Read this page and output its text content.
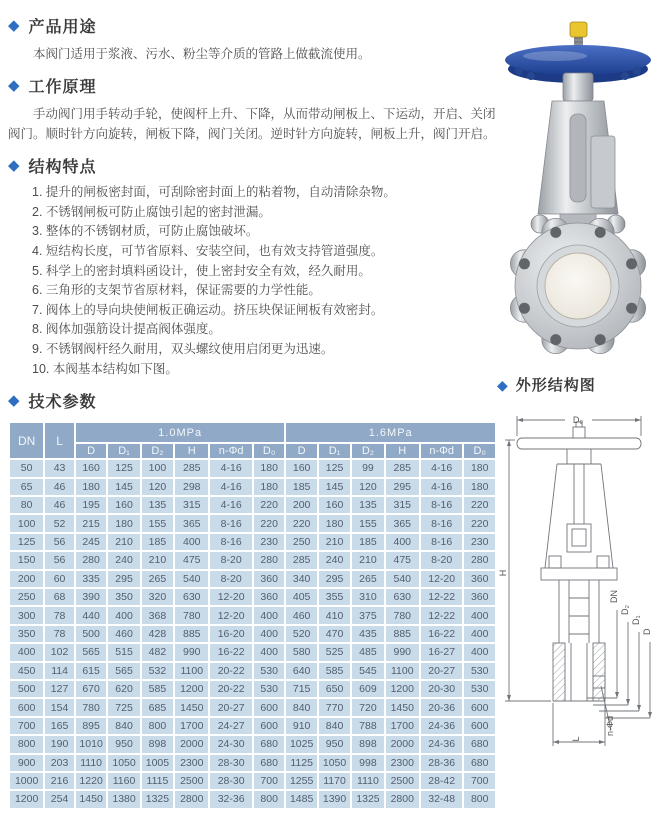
◆ 产品用途

本阀门适用于浆液、污水、粉尘等介质的管路上做截流使用。

◆ 工作原理

手动阀门用手转动手轮，使阀杆上升、下降，从而带动闸板上、下运动，开启、关闭阀门。顺时针方向旋转，闸板下降，阀门关闭。逆时针方向旋转，闸板上升，阀门开启。

◆ 结构特点
1. 提升的闸板密封面，可刮除密封面上的粘着物，自动清除杂物。
2. 不锈钢闸板可防止腐蚀引起的密封泄漏。
3. 整体的不锈钢材质，可防止腐蚀破坏。
4. 短结构长度，可节省原料、安装空间，也有效支持管道强度。
5. 科学上的密封填料函设计，使上密封安全有效，经久耐用。
6. 三角形的支架节省原材料，保证需要的力学性能。
7. 阀体上的导向块使闸板正确运动。挤压块保证闸板有效密封。
8. 阀体加强筋设计提高阀体强度。
9. 不锈钢阀杆经久耐用，双头螺纹使用启闭更为迅速。
10. 本阀基本结构如下图。
◆ 技术参数
DN	L	1.0MPa						1.6MPa					
		D	D₁	D₂	H	n-Φd	D₀	D	D₁	D₂	H	n-Φd	D₀
50	43	160	125	100	285	4-16	180	160	125	99	285	4-16	180
65	46	180	145	120	298	4-16	180	185	145	120	295	4-16	180
80	46	195	160	135	315	4-16	220	200	160	135	315	8-16	220
100	52	215	180	155	365	8-16	220	220	180	155	365	8-16	220
125	56	245	210	185	400	8-16	230	250	210	185	400	8-16	230
150	56	280	240	210	475	8-20	280	285	240	210	475	8-20	280
200	60	335	295	265	540	8-20	360	340	295	265	540	12-20	360
250	68	390	350	320	630	12-20	360	405	355	310	630	12-22	360
300	78	440	400	368	780	12-20	400	460	410	375	780	12-22	400
350	78	500	460	428	885	16-20	400	520	470	435	885	16-22	400
400	102	565	515	482	990	16-22	400	580	525	485	990	16-27	400
450	114	615	565	532	1100	20-22	530	640	585	545	1100	20-27	530
500	127	670	620	585	1200	20-22	530	715	650	609	1200	20-30	530
600	154	780	725	685	1450	20-27	600	840	770	720	1450	20-36	600
700	165	895	840	800	1700	24-27	600	910	840	788	1700	24-36	600
800	190	1010	950	898	2000	24-30	680	1025	950	898	2000	24-36	680
900	203	1110	1050	1005	2300	28-30	680	1125	1050	998	2300	28-36	680
1000	216	1220	1160	1115	2500	28-30	700	1255	1170	1110	2500	28-42	700
1200	254	1450	1380	1325	2800	32-36	800	1485	1390	1325	2800	32-48	800
◆ 外形结构图
D₀
H
DN
D₂
D₁
D
L
n-Φd
